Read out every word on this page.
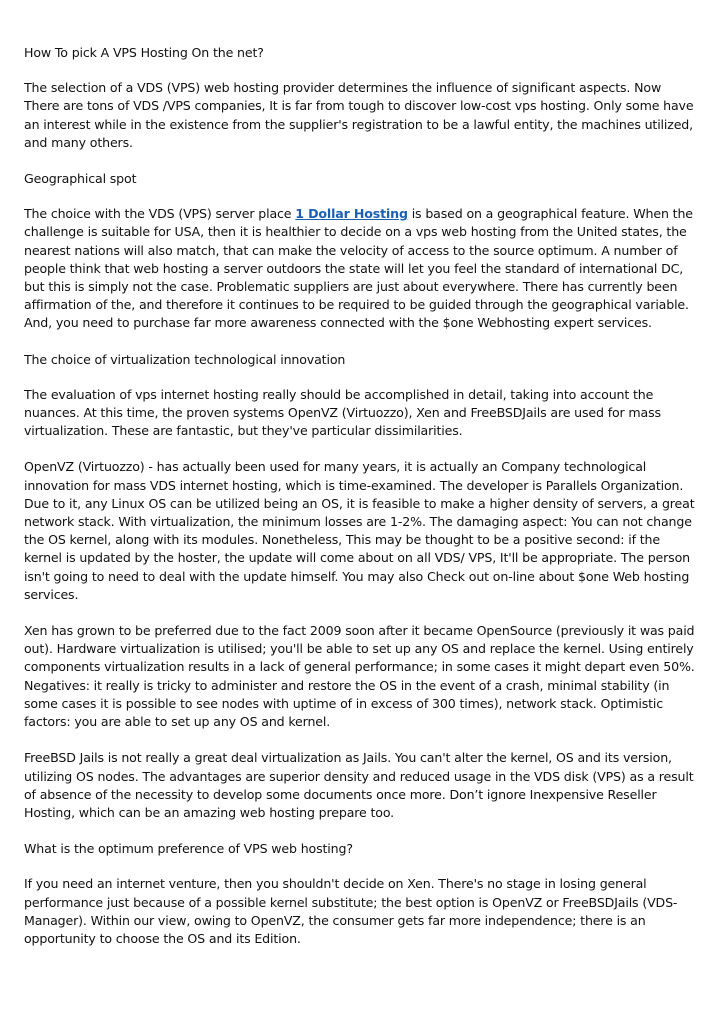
How To pick A VPS Hosting On the net?

The selection of a VDS (VPS) web hosting provider determines the influence of significant aspects. Now There are tons of VDS /VPS companies, It is far from tough to discover low-cost vps hosting. Only some have an interest while in the existence from the supplier's registration to be a lawful entity, the machines utilized, and many others.

Geographical spot

The choice with the VDS (VPS) server place 1 Dollar Hosting is based on a geographical feature. When the challenge is suitable for USA, then it is healthier to decide on a vps web hosting from the United states, the nearest nations will also match, that can make the velocity of access to the source optimum. A number of people think that web hosting a server outdoors the state will let you feel the standard of international DC, but this is simply not the case. Problematic suppliers are just about everywhere. There has currently been affirmation of the, and therefore it continues to be required to be guided through the geographical variable. And, you need to purchase far more awareness connected with the $one Webhosting expert services.

The choice of virtualization technological innovation

The evaluation of vps internet hosting really should be accomplished in detail, taking into account the nuances. At this time, the proven systems OpenVZ (Virtuozzo), Xen and FreeBSDJails are used for mass virtualization. These are fantastic, but they've particular dissimilarities.

OpenVZ (Virtuozzo) - has actually been used for many years, it is actually an Company technological innovation for mass VDS internet hosting, which is time-examined. The developer is Parallels Organization. Due to it, any Linux OS can be utilized being an OS, it is feasible to make a higher density of servers, a great network stack. With virtualization, the minimum losses are 1-2%. The damaging aspect: You can not change the OS kernel, along with its modules. Nonetheless, This may be thought to be a positive second: if the kernel is updated by the hoster, the update will come about on all VDS/ VPS, It'll be appropriate. The person isn't going to need to deal with the update himself. You may also Check out on-line about $one Web hosting services.

Xen has grown to be preferred due to the fact 2009 soon after it became OpenSource (previously it was paid out). Hardware virtualization is utilised; you'll be able to set up any OS and replace the kernel. Using entirely components virtualization results in a lack of general performance; in some cases it might depart even 50%. Negatives: it really is tricky to administer and restore the OS in the event of a crash, minimal stability (in some cases it is possible to see nodes with uptime of in excess of 300 times), network stack. Optimistic factors: you are able to set up any OS and kernel.

FreeBSD Jails is not really a great deal virtualization as Jails. You can't alter the kernel, OS and its version, utilizing OS nodes. The advantages are superior density and reduced usage in the VDS disk (VPS) as a result of absence of the necessity to develop some documents once more. Don’t ignore Inexpensive Reseller Hosting, which can be an amazing web hosting prepare too.

What is the optimum preference of VPS web hosting?

If you need an internet venture, then you shouldn't decide on Xen. There's no stage in losing general performance just because of a possible kernel substitute; the best option is OpenVZ or FreeBSDJails (VDS-Manager). Within our view, owing to OpenVZ, the consumer gets far more independence; there is an opportunity to choose the OS and its Edition.
